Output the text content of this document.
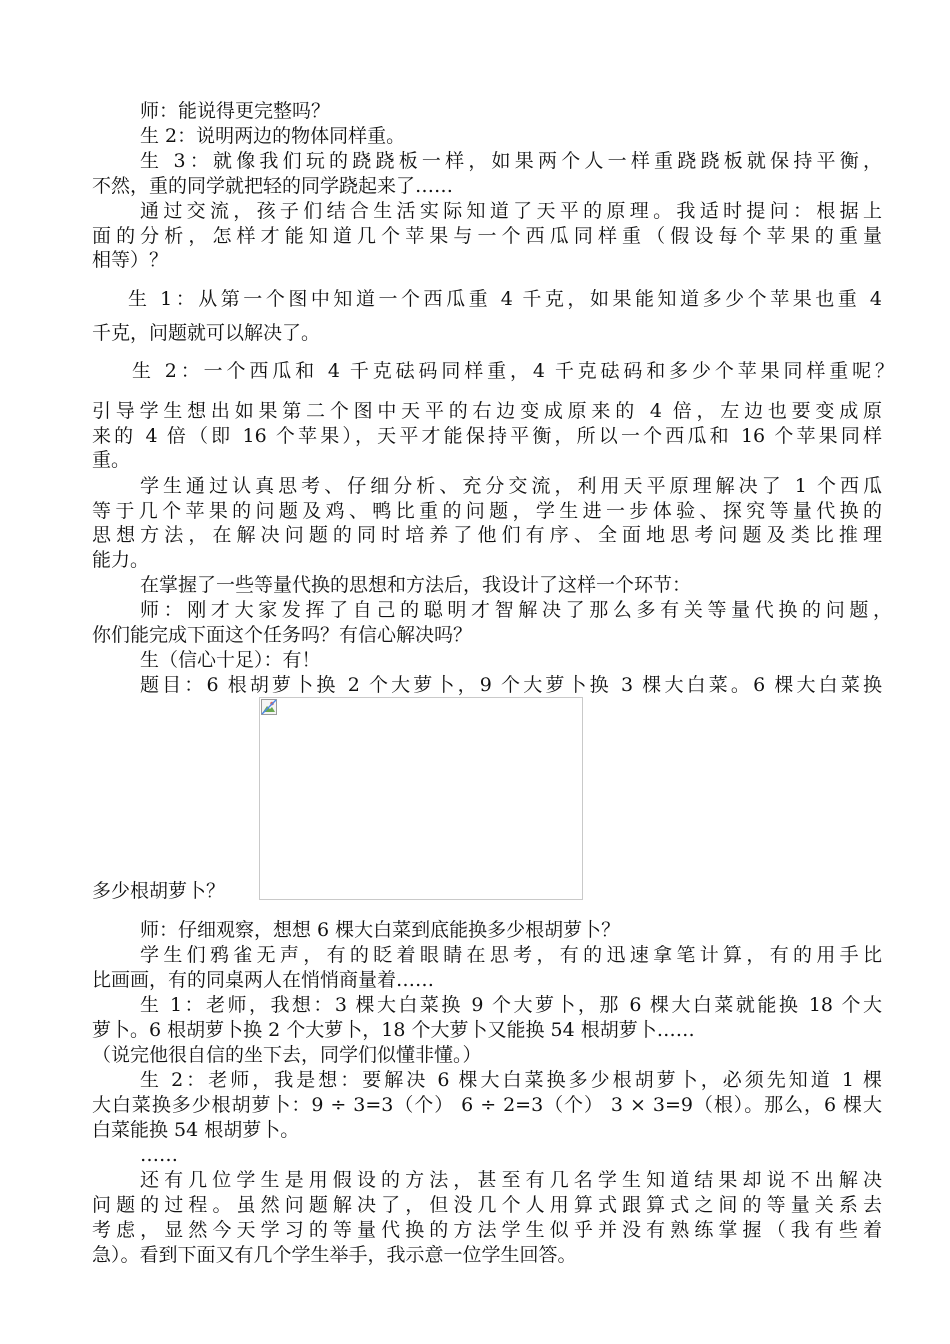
师：能说得更完整吗？
生 2：说明两边的物体同样重。
生 3：就像我们玩的跷跷板一样，如果两个人一样重跷跷板就保持平衡，
不然，重的同学就把轻的同学跷起来了……
通过交流，孩子们结合生活实际知道了天平的原理。我适时提问：根据上
面的分析，怎样才能知道几个苹果与一个西瓜同样重（假设每个苹果的重量
相等）？
生 1：从第一个图中知道一个西瓜重 4 千克，如果能知道多少个苹果也重 4
千克，问题就可以解决了。
生 2：一个西瓜和 4 千克砝码同样重，4 千克砝码和多少个苹果同样重呢？
引导学生想出如果第二个图中天平的右边变成原来的 4 倍，左边也要变成原
来的 4 倍（即 16 个苹果），天平才能保持平衡，所以一个西瓜和 16 个苹果同样
重。
学生通过认真思考、仔细分析、充分交流，利用天平原理解决了 1 个西瓜
等于几个苹果的问题及鸡、鸭比重的问题，学生进一步体验、探究等量代换的
思想方法，在解决问题的同时培养了他们有序、全面地思考问题及类比推理
能力。
在掌握了一些等量代换的思想和方法后，我设计了这样一个环节：
师：刚才大家发挥了自己的聪明才智解决了那么多有关等量代换的问题，
你们能完成下面这个任务吗？有信心解决吗？
生（信心十足）：有！
题目：6 根胡萝卜换 2 个大萝卜，9 个大萝卜换 3 棵大白菜。6 棵大白菜换
多少根胡萝卜？
师：仔细观察，想想 6 棵大白菜到底能换多少根胡萝卜？
学生们鸦雀无声，有的眨着眼睛在思考，有的迅速拿笔计算，有的用手比
比画画，有的同桌两人在悄悄商量着……
生 1：老师，我想：3 棵大白菜换 9 个大萝卜，那 6 棵大白菜就能换 18 个大
萝卜。6 根胡萝卜换 2 个大萝卜，18 个大萝卜又能换 54 根胡萝卜……
（说完他很自信的坐下去，同学们似懂非懂。）
生 2：老师，我是想：要解决 6 棵大白菜换多少根胡萝卜，必须先知道 1 棵
大白菜换多少根胡萝卜：9 ÷ 3=3（个） 6 ÷ 2=3（个） 3 × 3=9（根）。那么，6 棵大
白菜能换 54 根胡萝卜。
……
还有几位学生是用假设的方法，甚至有几名学生知道结果却说不出解决
问题的过程。虽然问题解决了，但没几个人用算式跟算式之间的等量关系去
考虑，显然今天学习的等量代换的方法学生似乎并没有熟练掌握（我有些着
急）。看到下面又有几个学生举手，我示意一位学生回答。
